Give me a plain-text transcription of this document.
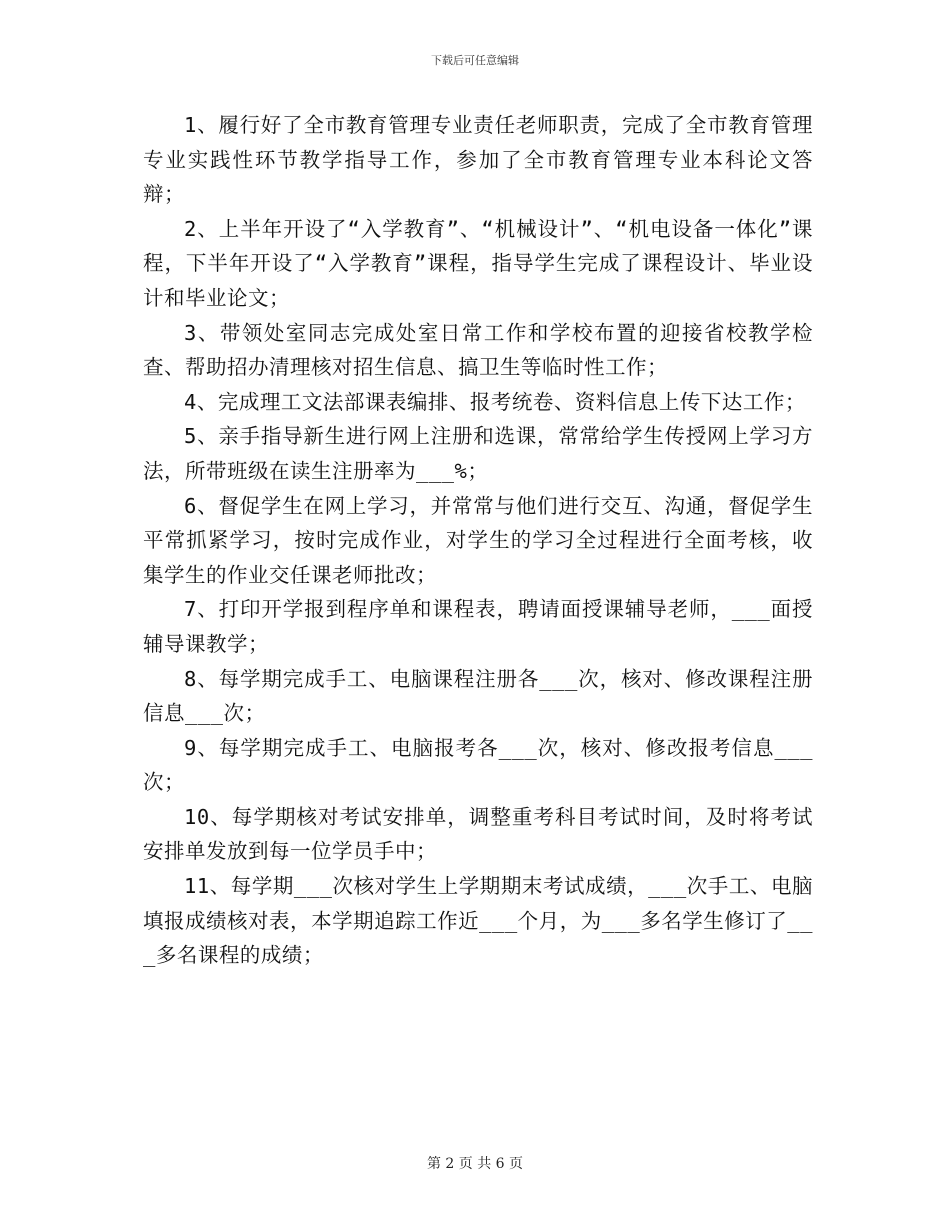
下载后可任意编辑

1、履行好了全市教育管理专业责任老师职责，完成了全市教育管理专业实践性环节教学指导工作，参加了全市教育管理专业本科论文答辩；

2、上半年开设了“入学教育”、“机械设计”、“机电设备一体化”课程，下半年开设了“入学教育”课程，指导学生完成了课程设计、毕业设计和毕业论文；

3、带领处室同志完成处室日常工作和学校布置的迎接省校教学检查、帮助招办清理核对招生信息、搞卫生等临时性工作；

4、完成理工文法部课表编排、报考统卷、资料信息上传下达工作；

5、亲手指导新生进行网上注册和选课，常常给学生传授网上学习方法，所带班级在读生注册率为___%；

6、督促学生在网上学习，并常常与他们进行交互、沟通，督促学生平常抓紧学习，按时完成作业，对学生的学习全过程进行全面考核，收集学生的作业交任课老师批改；

7、打印开学报到程序单和课程表，聘请面授课辅导老师，___面授辅导课教学；

8、每学期完成手工、电脑课程注册各___次，核对、修改课程注册信息___次；

9、每学期完成手工、电脑报考各___次，核对、修改报考信息___次；

10、每学期核对考试安排单，调整重考科目考试时间，及时将考试安排单发放到每一位学员手中；

11、每学期___次核对学生上学期期末考试成绩，___次手工、电脑填报成绩核对表，本学期追踪工作近___个月，为___多名学生修订了___多名课程的成绩；

第 2 页 共 6 页
